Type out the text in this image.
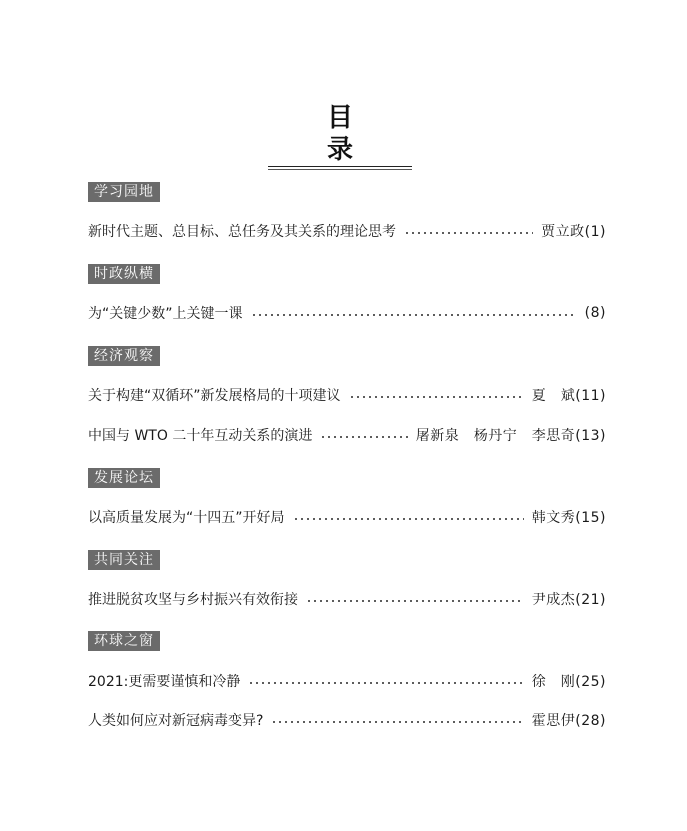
目录
学习园地
新时代主题、总目标、总任务及其关系的理论思考	贾立政(1)
时政纵横
为“关键少数”上关键一课	(8)
经济观察
关于构建“双循环”新发展格局的十项建议	夏　斌(11)
中国与 WTO 二十年互动关系的演进	屠新泉　杨丹宁　李思奇(13)
发展论坛
以高质量发展为“十四五”开好局	韩文秀(15)
共同关注
推进脱贫攻坚与乡村振兴有效衔接	尹成杰(21)
环球之窗
2021:更需要谨慎和冷静	徐　刚(25)
人类如何应对新冠病毒变异?	霍思伊(28)
